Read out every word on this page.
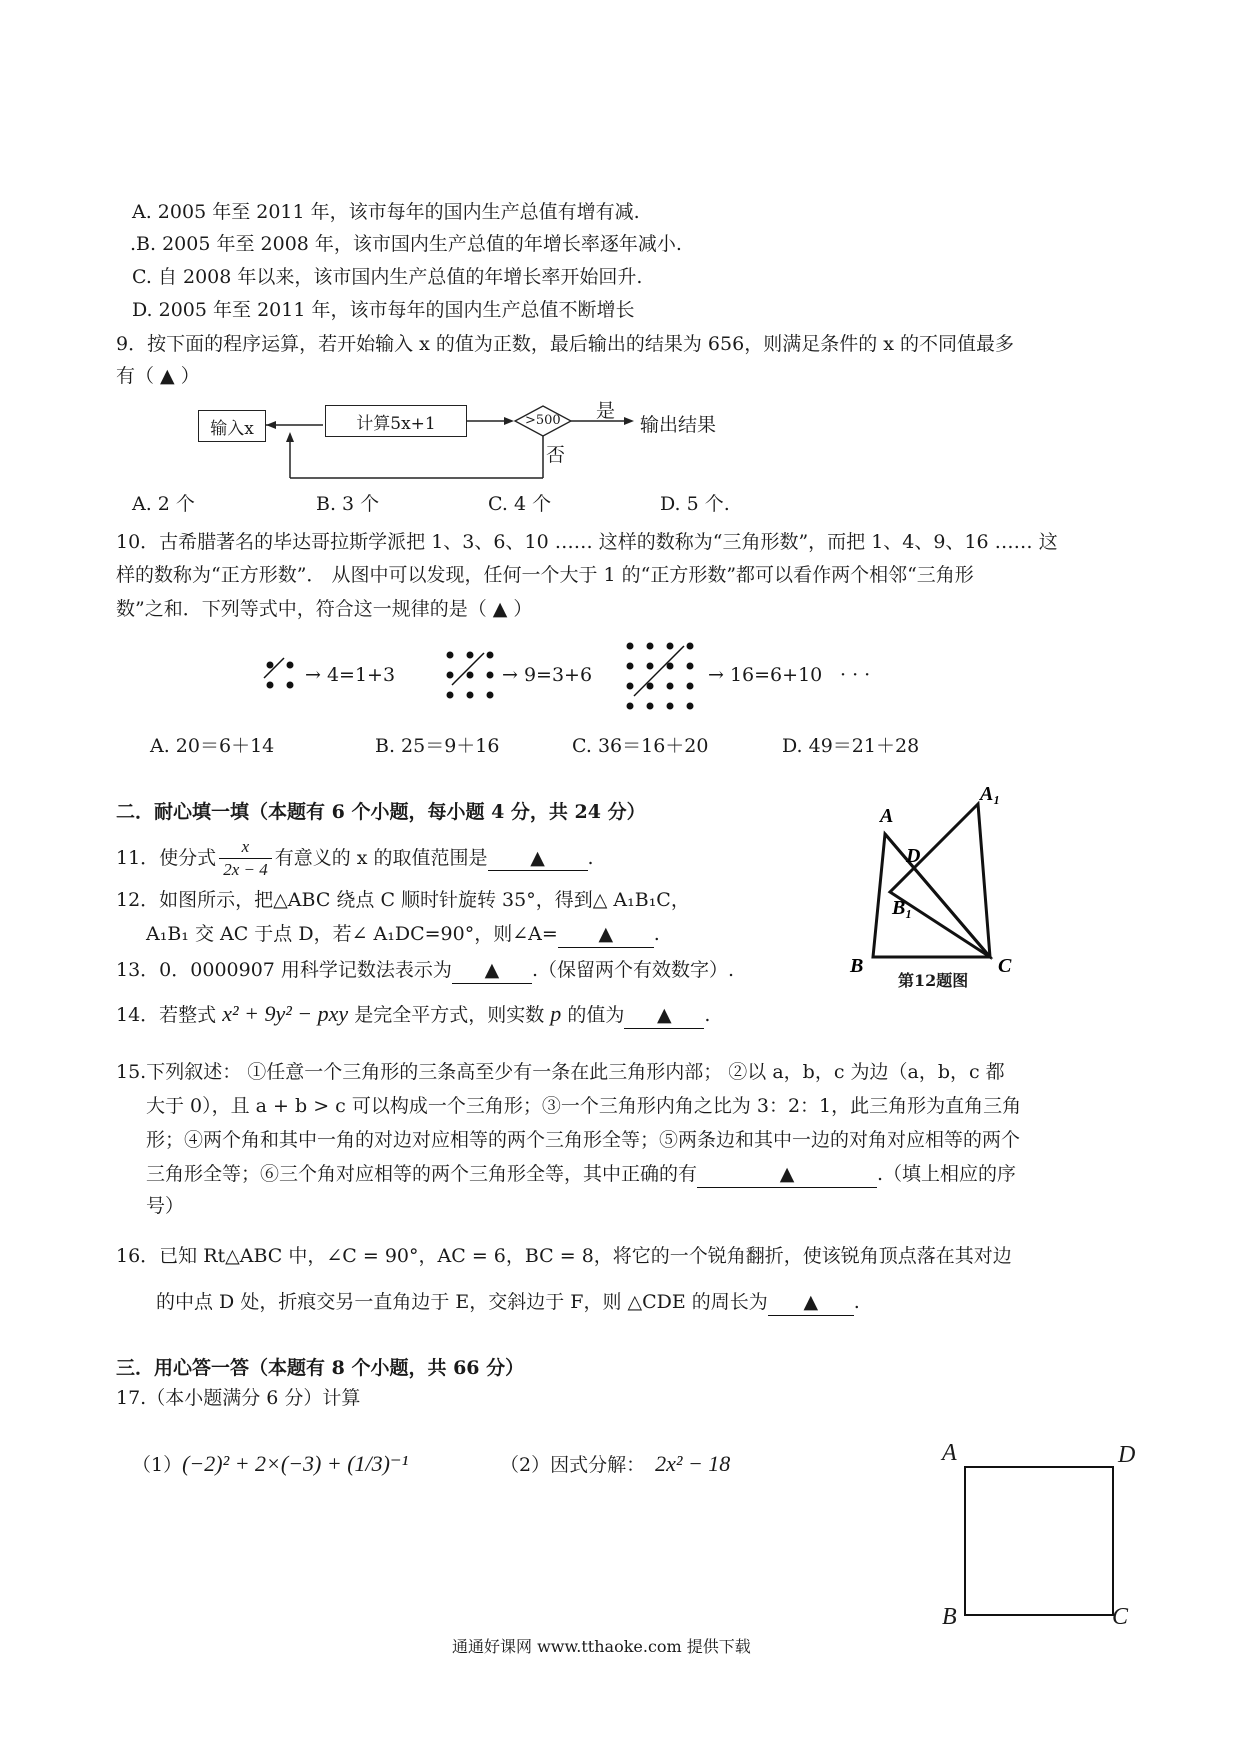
A. 2005 年至 2011 年，该市每年的国内生产总值有增有减.
.B. 2005 年至 2008 年，该市国内生产总值的年增长率逐年减小.
C. 自 2008 年以来，该市国内生产总值的年增长率开始回升.
D. 2005 年至 2011 年，该市每年的国内生产总值不断增长
9．按下面的程序运算，若开始输入 x 的值为正数，最后输出的结果为 656，则满足条件的 x 的不同值最多
有（ ▲ ）
输入x	计算5x+1	>500 是
否
输出结果
A. 2 个	B. 3 个	C. 4 个	D. 5 个.
10．古希腊著名的毕达哥拉斯学派把 1、3、6、10 …… 这样的数称为“三角形数”，而把 1、4、9、16 …… 这
样的数称为“正方形数”． 从图中可以发现，任何一个大于 1 的“正方形数”都可以看作两个相邻“三角形
数”之和．下列等式中，符合这一规律的是（ ▲ ）
→ 4=1+3	→ 9=3+6	→ 16=6+10 · · ·
A. 20＝6＋14	B. 25＝9＋16	C. 36＝16＋20	D. 49＝21＋28
二．耐心填一填（本题有 6 个小题，每小题 4 分，共 24 分）
11．使分式 $\frac{x}{2x - 4}$ 有意义的 x 的取值范围是	▲	.
12．如图所示，把△ABC 绕点 C 顺时针旋转 35°，得到△ A₁B₁C，
A₁B₁ 交 AC 于点 D，若∠ A₁DC=90°，则∠A= ▲ .
13．0．0000907 用科学记数法表示为 ▲ .（保留两个有效数字）.
14．若整式 x² + 9y² − pxy 是完全平方式，则实数 p 的值为 ▲ .
A
A₁
D
B₁
B	C
第12题图
15.下列叙述： ①任意一个三角形的三条高至少有一条在此三角形内部； ②以 a，b，c 为边（a，b，c 都
大于 0），且 a + b > c 可以构成一个三角形；③一个三角形内角之比为 3：2：1，此三角形为直角三角
形；④两个角和其中一角的对边对应相等的两个三角形全等；⑤两条边和其中一边的对角对应相等的两个
三角形全等；⑥三个角对应相等的两个三角形全等，其中正确的有	▲	.（填上相应的序
号）
16．已知 Rt△ABC 中，∠C = 90°，AC = 6，BC = 8，将它的一个锐角翻折，使该锐角顶点落在其对边
的中点 D 处，折痕交另一直角边于 E，交斜边于 F，则 △CDE 的周长为 ▲ .
三．用心答一答（本题有 8 个小题，共 66 分）
17.（本小题满分 6 分）计算
（1）(−2)² + 2×(−3) + (1/3)⁻¹	（2）因式分解： 2x² − 18	A	D
B	C
通通好课网 www.tthaoke.com 提供下载
